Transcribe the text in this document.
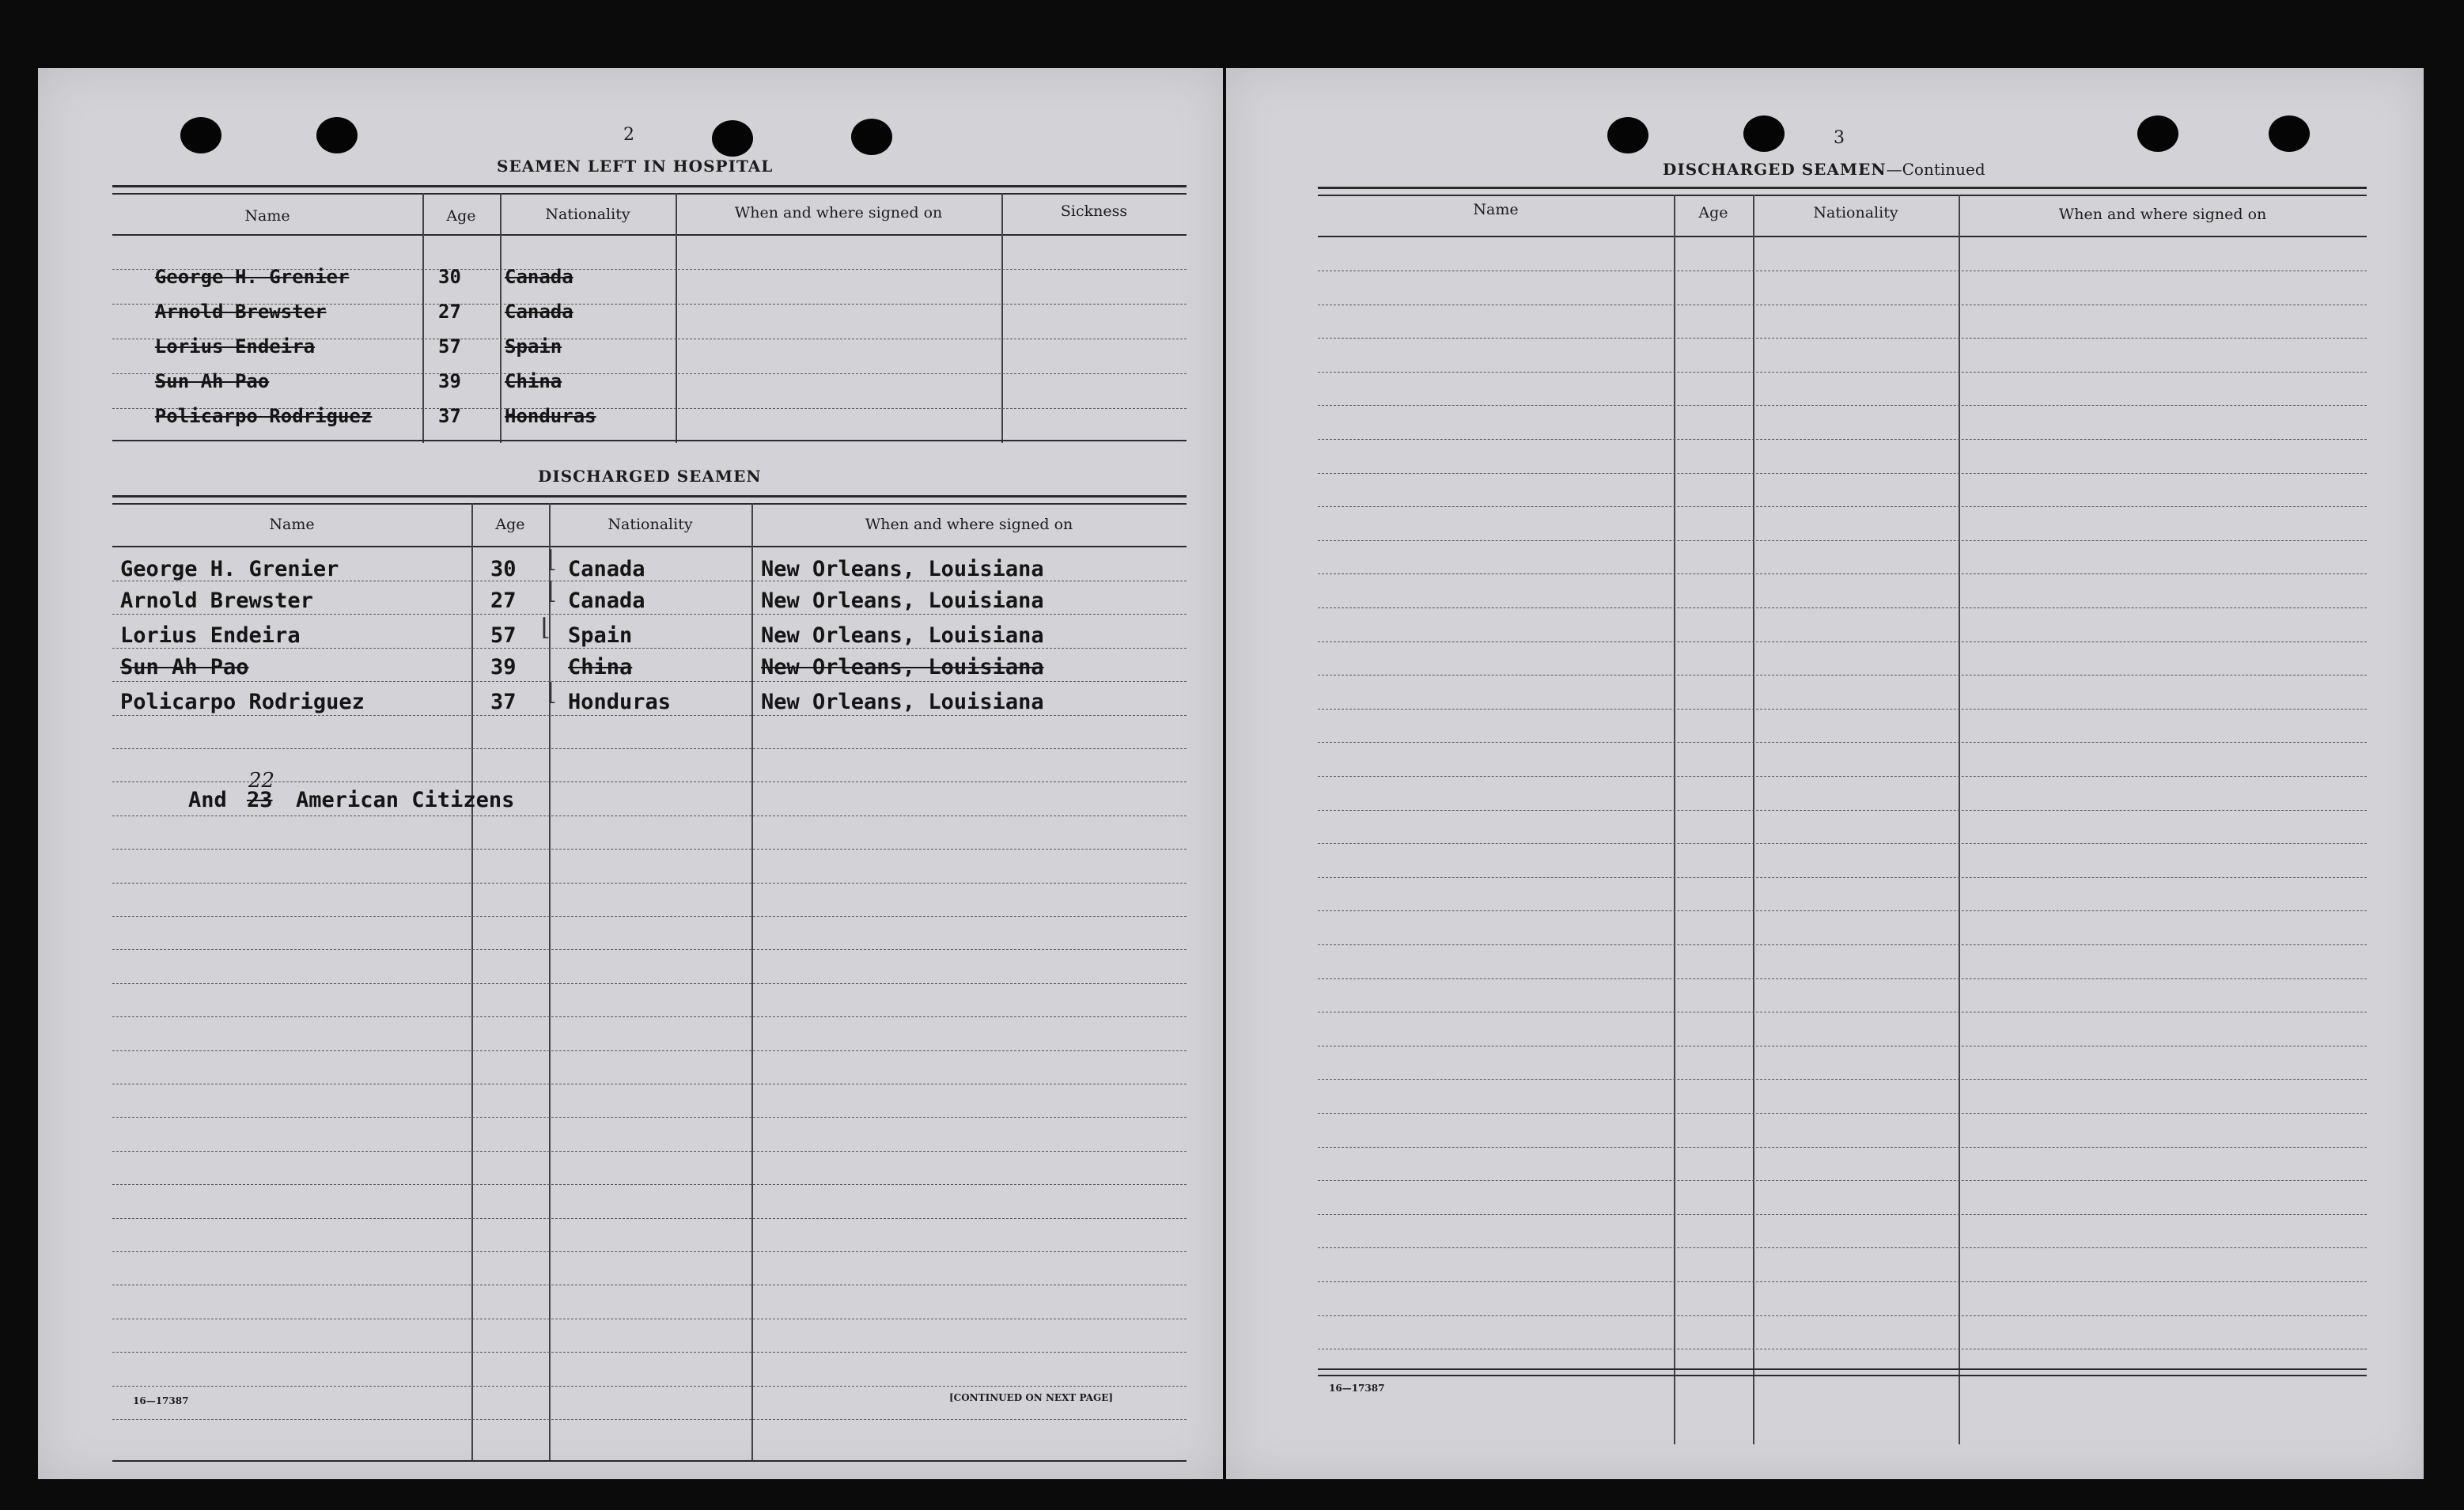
2
SEAMEN LEFT IN HOSPITAL
Name	Age	Nationality	When and where signed on	Sickness

George H. Grenier	30 Canada

Arnold Brewster	27 Canada

Lorius Endeira	57 Spain

Sun Ah Pao	39 China

Policarpo Rodriguez	37 Honduras

DISCHARGED SEAMEN
Name	Age	Nationality	When and where signed on
George H. Grenier	30 Canada	New Orleans, Louisiana
Arnold Brewster	27 Canada	New Orleans, Louisiana
Lorius Endeira	57 Spain	New Orleans, Louisiana
Sun Ah Pao	39 China	New Orleans, Louisiana
Policarpo Rodriguez	37 Honduras	New Orleans, Louisiana
⌊
⌊
⌊
⌊
And 23
22
American Citizens
16—17387	[CONTINUED ON NEXT PAGE]
3
DISCHARGED SEAMEN—Continued
Name	Age	Nationality	When and where signed on
16—17387
